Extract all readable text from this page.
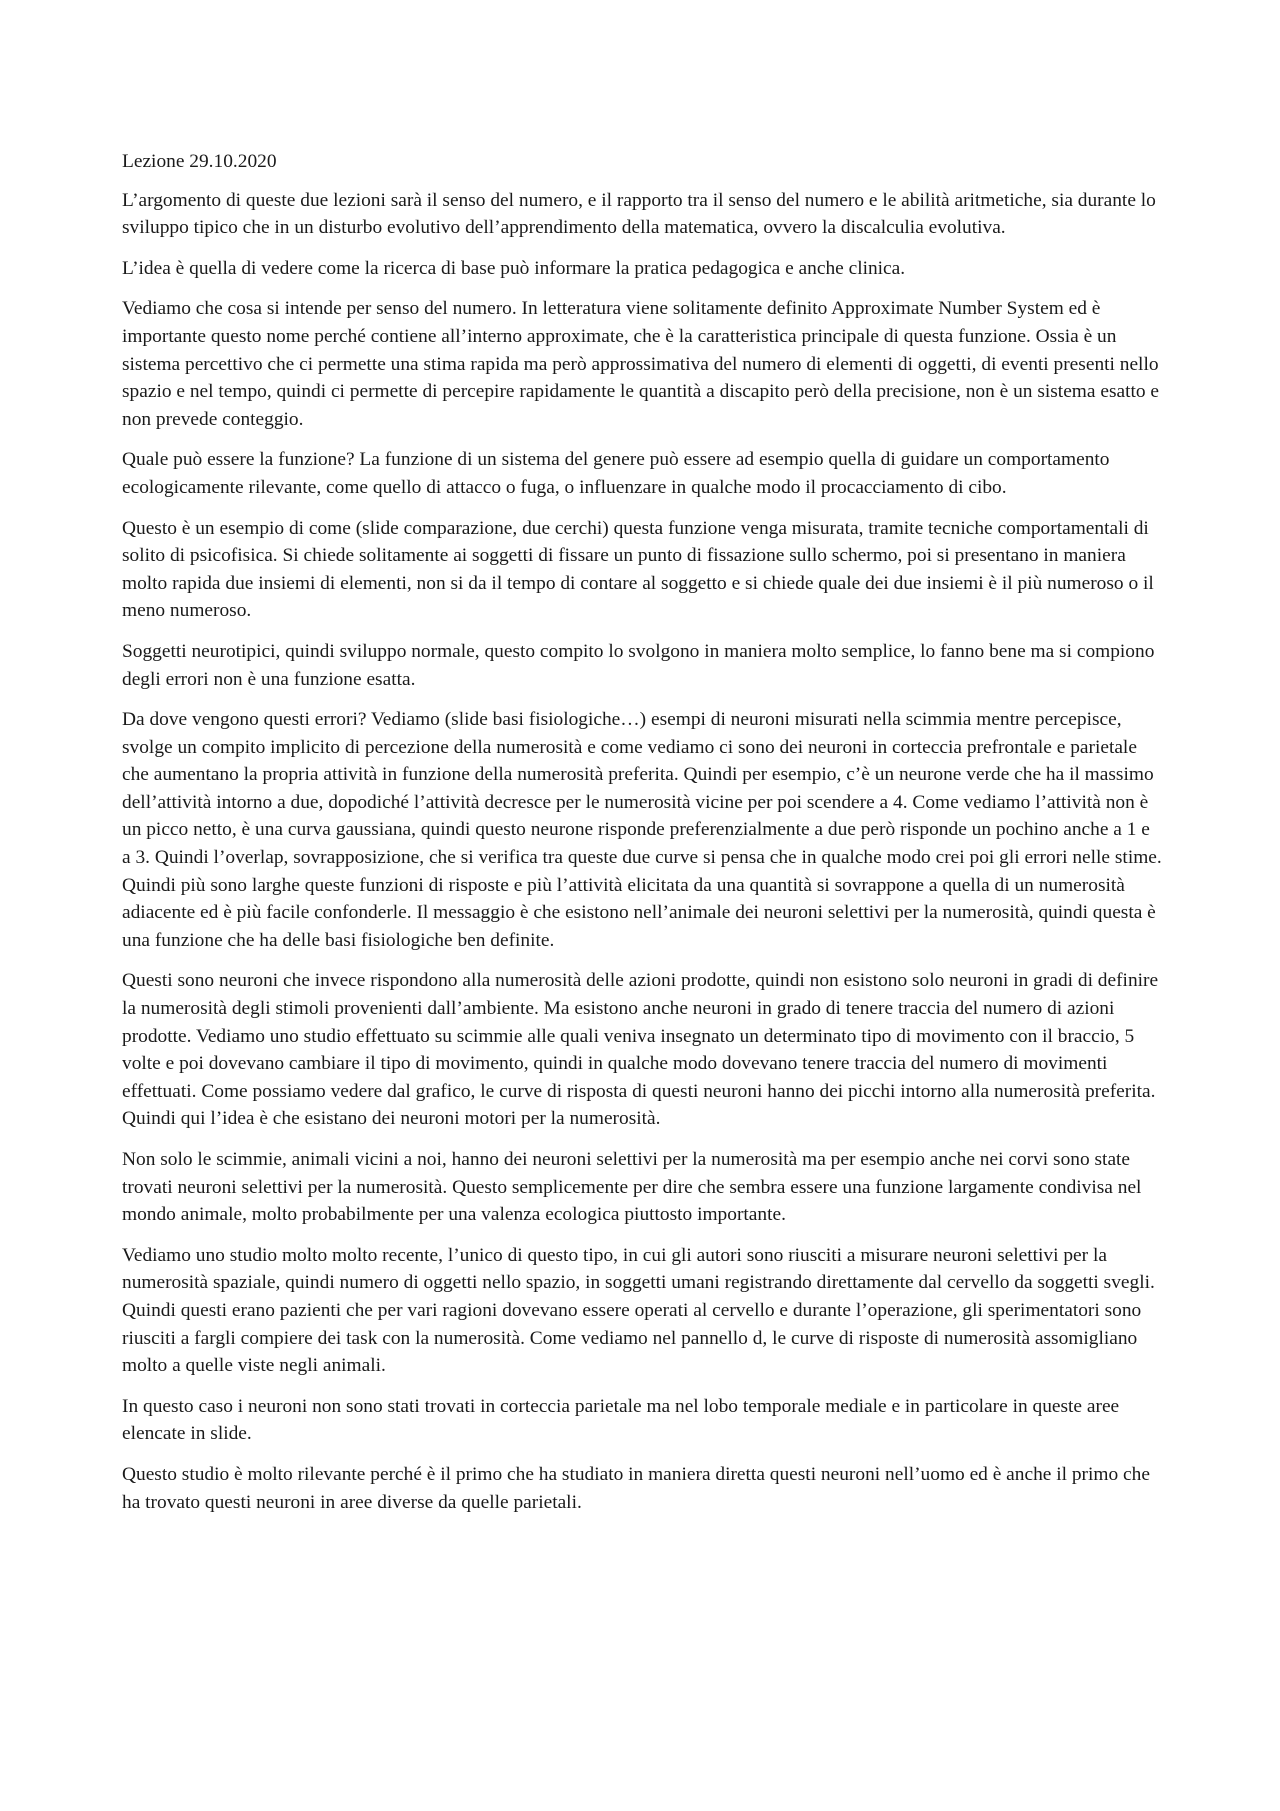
Lezione 29.10.2020

L’argomento di queste due lezioni sarà il senso del numero, e il rapporto tra il senso del numero e le abilità aritmetiche, sia durante lo sviluppo tipico che in un disturbo evolutivo dell’apprendimento della matematica, ovvero la discalculia evolutiva.

L’idea è quella di vedere come la ricerca di base può informare la pratica pedagogica e anche clinica.

Vediamo che cosa si intende per senso del numero. In letteratura viene solitamente definito Approximate Number System ed è importante questo nome perché contiene all’interno approximate, che è la caratteristica principale di questa funzione. Ossia è un sistema percettivo che ci permette una stima rapida ma però approssimativa del numero di elementi di oggetti, di eventi presenti nello spazio e nel tempo, quindi ci permette di percepire rapidamente le quantità a discapito però della precisione, non è un sistema esatto e non prevede conteggio.

Quale può essere la funzione? La funzione di un sistema del genere può essere ad esempio quella di guidare un comportamento ecologicamente rilevante, come quello di attacco o fuga, o influenzare in qualche modo il procacciamento di cibo.

Questo è un esempio di come (slide comparazione, due cerchi) questa funzione venga misurata, tramite tecniche comportamentali di solito di psicofisica. Si chiede solitamente ai soggetti di fissare un punto di fissazione sullo schermo, poi si presentano in maniera molto rapida due insiemi di elementi, non si da il tempo di contare al soggetto e si chiede quale dei due insiemi è il più numeroso o il meno numeroso.

Soggetti neurotipici, quindi sviluppo normale, questo compito lo svolgono in maniera molto semplice, lo fanno bene ma si compiono degli errori non è una funzione esatta.

Da dove vengono questi errori? Vediamo (slide basi fisiologiche…) esempi di neuroni misurati nella scimmia mentre percepisce, svolge un compito implicito di percezione della numerosità e come vediamo ci sono dei neuroni in corteccia prefrontale e parietale che aumentano la propria attività in funzione della numerosità preferita. Quindi per esempio, c’è un neurone verde che ha il massimo dell’attività intorno a due, dopodiché l’attività decresce per le numerosità vicine per poi scendere a 4. Come vediamo l’attività non è un picco netto, è una curva gaussiana, quindi questo neurone risponde preferenzialmente a due però risponde un pochino anche a 1 e a 3. Quindi l’overlap, sovrapposizione, che si verifica tra queste due curve si pensa che in qualche modo crei poi gli errori nelle stime. Quindi più sono larghe queste funzioni di risposte e più l’attività elicitata da una quantità si sovrappone a quella di un numerosità adiacente ed è più facile confonderle. Il messaggio è che esistono nell’animale dei neuroni selettivi per la numerosità, quindi questa è una funzione che ha delle basi fisiologiche ben definite.

Questi sono neuroni che invece rispondono alla numerosità delle azioni prodotte, quindi non esistono solo neuroni in gradi di definire la numerosità degli stimoli provenienti dall’ambiente. Ma esistono anche neuroni in grado di tenere traccia del numero di azioni prodotte. Vediamo uno studio effettuato su scimmie alle quali veniva insegnato un determinato tipo di movimento con il braccio, 5 volte e poi dovevano cambiare il tipo di movimento, quindi in qualche modo dovevano tenere traccia del numero di movimenti effettuati. Come possiamo vedere dal grafico, le curve di risposta di questi neuroni hanno dei picchi intorno alla numerosità preferita. Quindi qui l’idea è che esistano dei neuroni motori per la numerosità.

Non solo le scimmie, animali vicini a noi, hanno dei neuroni selettivi per la numerosità ma per esempio anche nei corvi sono state trovati neuroni selettivi per la numerosità. Questo semplicemente per dire che sembra essere una funzione largamente condivisa nel mondo animale, molto probabilmente per una valenza ecologica piuttosto importante.

Vediamo uno studio molto molto recente, l’unico di questo tipo, in cui gli autori sono riusciti a misurare neuroni selettivi per la numerosità spaziale, quindi numero di oggetti nello spazio, in soggetti umani registrando direttamente dal cervello da soggetti svegli. Quindi questi erano pazienti che per vari ragioni dovevano essere operati al cervello e durante l’operazione, gli sperimentatori sono riusciti a fargli compiere dei task con la numerosità. Come vediamo nel pannello d, le curve di risposte di numerosità assomigliano molto a quelle viste negli animali.

In questo caso i neuroni non sono stati trovati in corteccia parietale ma nel lobo temporale mediale e in particolare in queste aree elencate in slide.

Questo studio è molto rilevante perché è il primo che ha studiato in maniera diretta questi neuroni nell’uomo ed è anche il primo che ha trovato questi neuroni in aree diverse da quelle parietali.
